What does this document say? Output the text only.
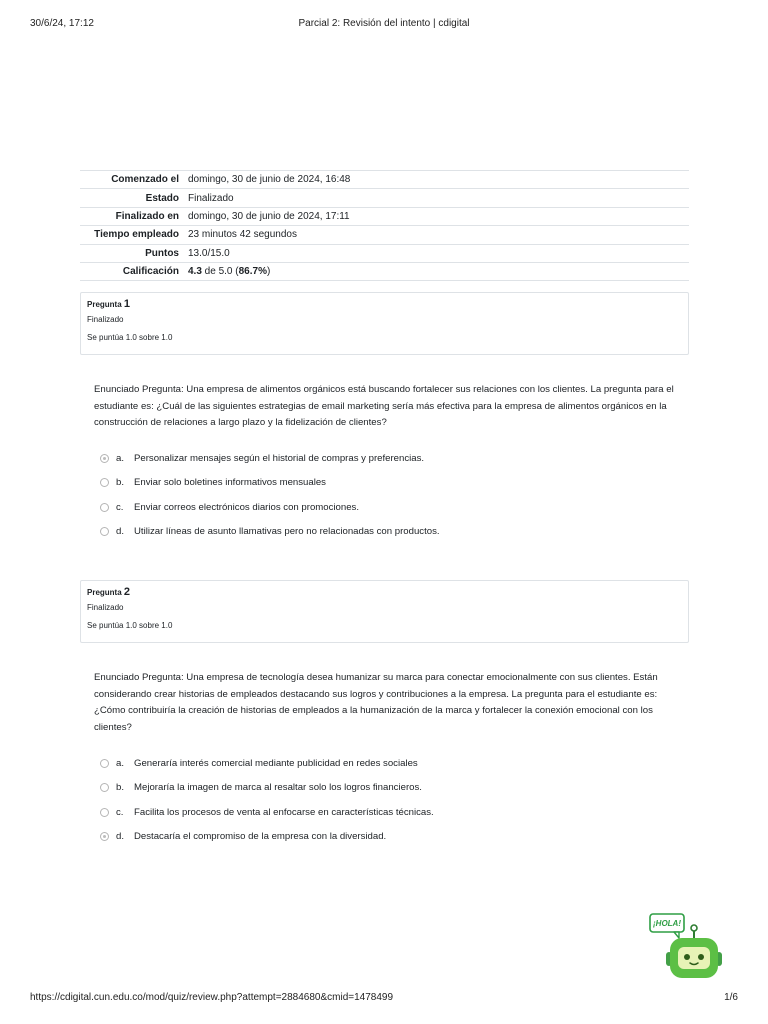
30/6/24, 17:12	Parcial 2: Revisión del intento | cdigital
Comenzado el	domingo, 30 de junio de 2024, 16:48
Estado	Finalizado
Finalizado en	domingo, 30 de junio de 2024, 17:11
Tiempo empleado	23 minutos 42 segundos
Puntos	13.0/15.0
Calificación	4.3 de 5.0 (86.7%)
Pregunta 1
Finalizado
Se puntúa 1.0 sobre 1.0
Enunciado Pregunta: Una empresa de alimentos orgánicos está buscando fortalecer sus relaciones con los clientes. La pregunta para el estudiante es: ¿Cuál de las siguientes estrategias de email marketing sería más efectiva para la empresa de alimentos orgánicos en la construcción de relaciones a largo plazo y la fidelización de clientes?
a.	Personalizar mensajes según el historial de compras y preferencias.
b.	Enviar solo boletines informativos mensuales
c.	Enviar correos electrónicos diarios con promociones.
d.	Utilizar líneas de asunto llamativas pero no relacionadas con productos.
Pregunta 2
Finalizado
Se puntúa 1.0 sobre 1.0
Enunciado Pregunta: Una empresa de tecnología desea humanizar su marca para conectar emocionalmente con sus clientes. Están considerando crear historias de empleados destacando sus logros y contribuciones a la empresa. La pregunta para el estudiante es: ¿Cómo contribuiría la creación de historias de empleados a la humanización de la marca y fortalecer la conexión emocional con los clientes?
a.	Generaría interés comercial mediante publicidad en redes sociales
b.	Mejoraría la imagen de marca al resaltar solo los logros financieros.
c.	Facilita los procesos de venta al enfocarse en características técnicas.
d.	Destacaría el compromiso de la empresa con la diversidad.
¡HOLA!
https://cdigital.cun.edu.co/mod/quiz/review.php?attempt=2884680&cmid=1478499	1/6
